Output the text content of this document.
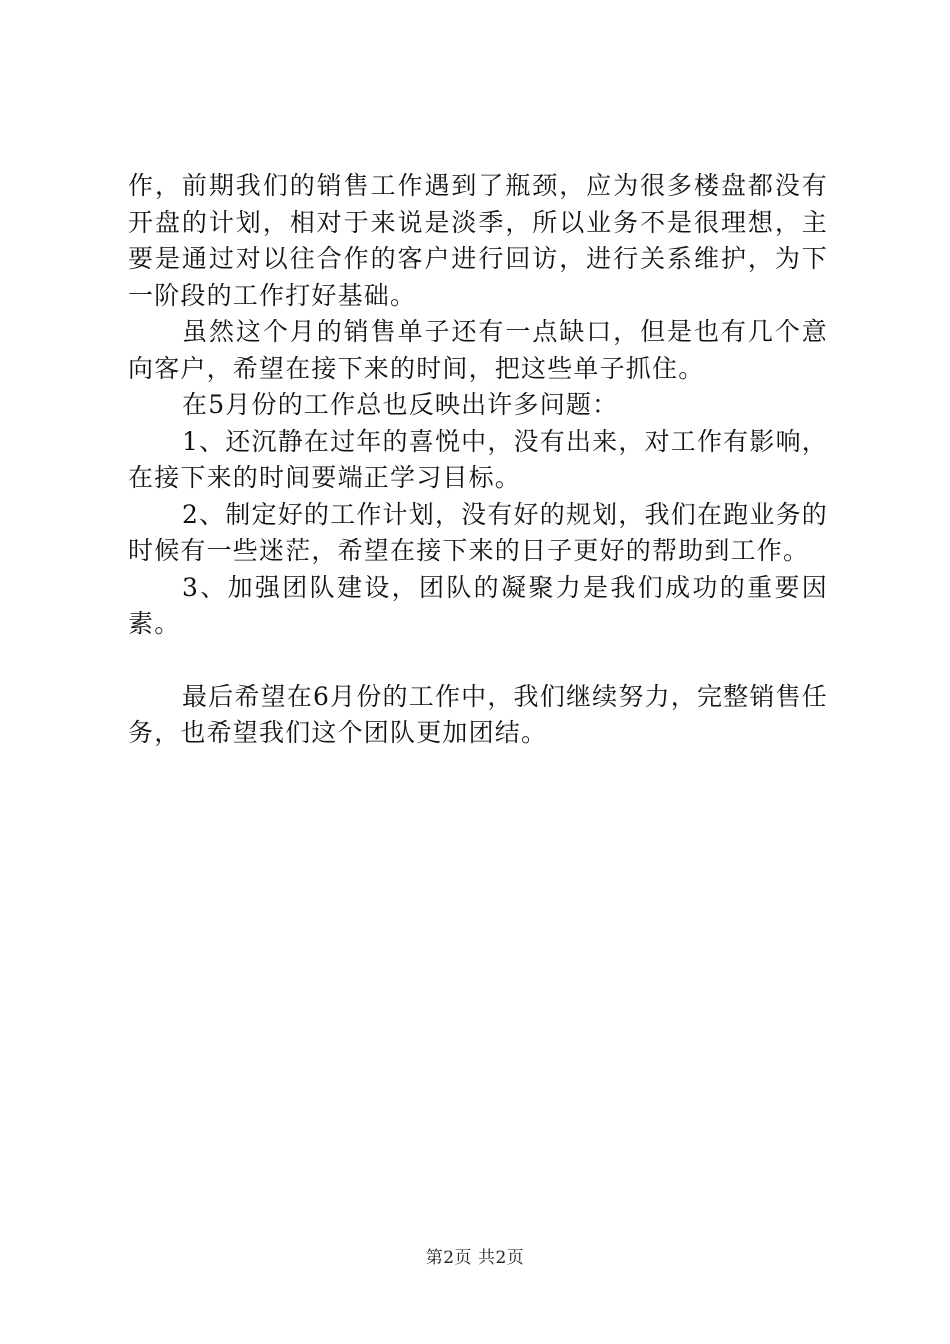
作，前期我们的销售工作遇到了瓶颈，应为很多楼盘都没有开盘的计划，相对于来说是淡季，所以业务不是很理想，主要是通过对以往合作的客户进行回访，进行关系维护，为下一阶段的工作打好基础。

虽然这个月的销售单子还有一点缺口，但是也有几个意向客户，希望在接下来的时间，把这些单子抓住。

在5月份的工作总也反映出许多问题：

1、还沉静在过年的喜悦中，没有出来，对工作有影响，在接下来的时间要端正学习目标。

2、制定好的工作计划，没有好的规划，我们在跑业务的时候有一些迷茫，希望在接下来的日子更好的帮助到工作。

3、加强团队建设，团队的凝聚力是我们成功的重要因素。

最后希望在6月份的工作中，我们继续努力，完整销售任务，也希望我们这个团队更加团结。

第2页 共2页
